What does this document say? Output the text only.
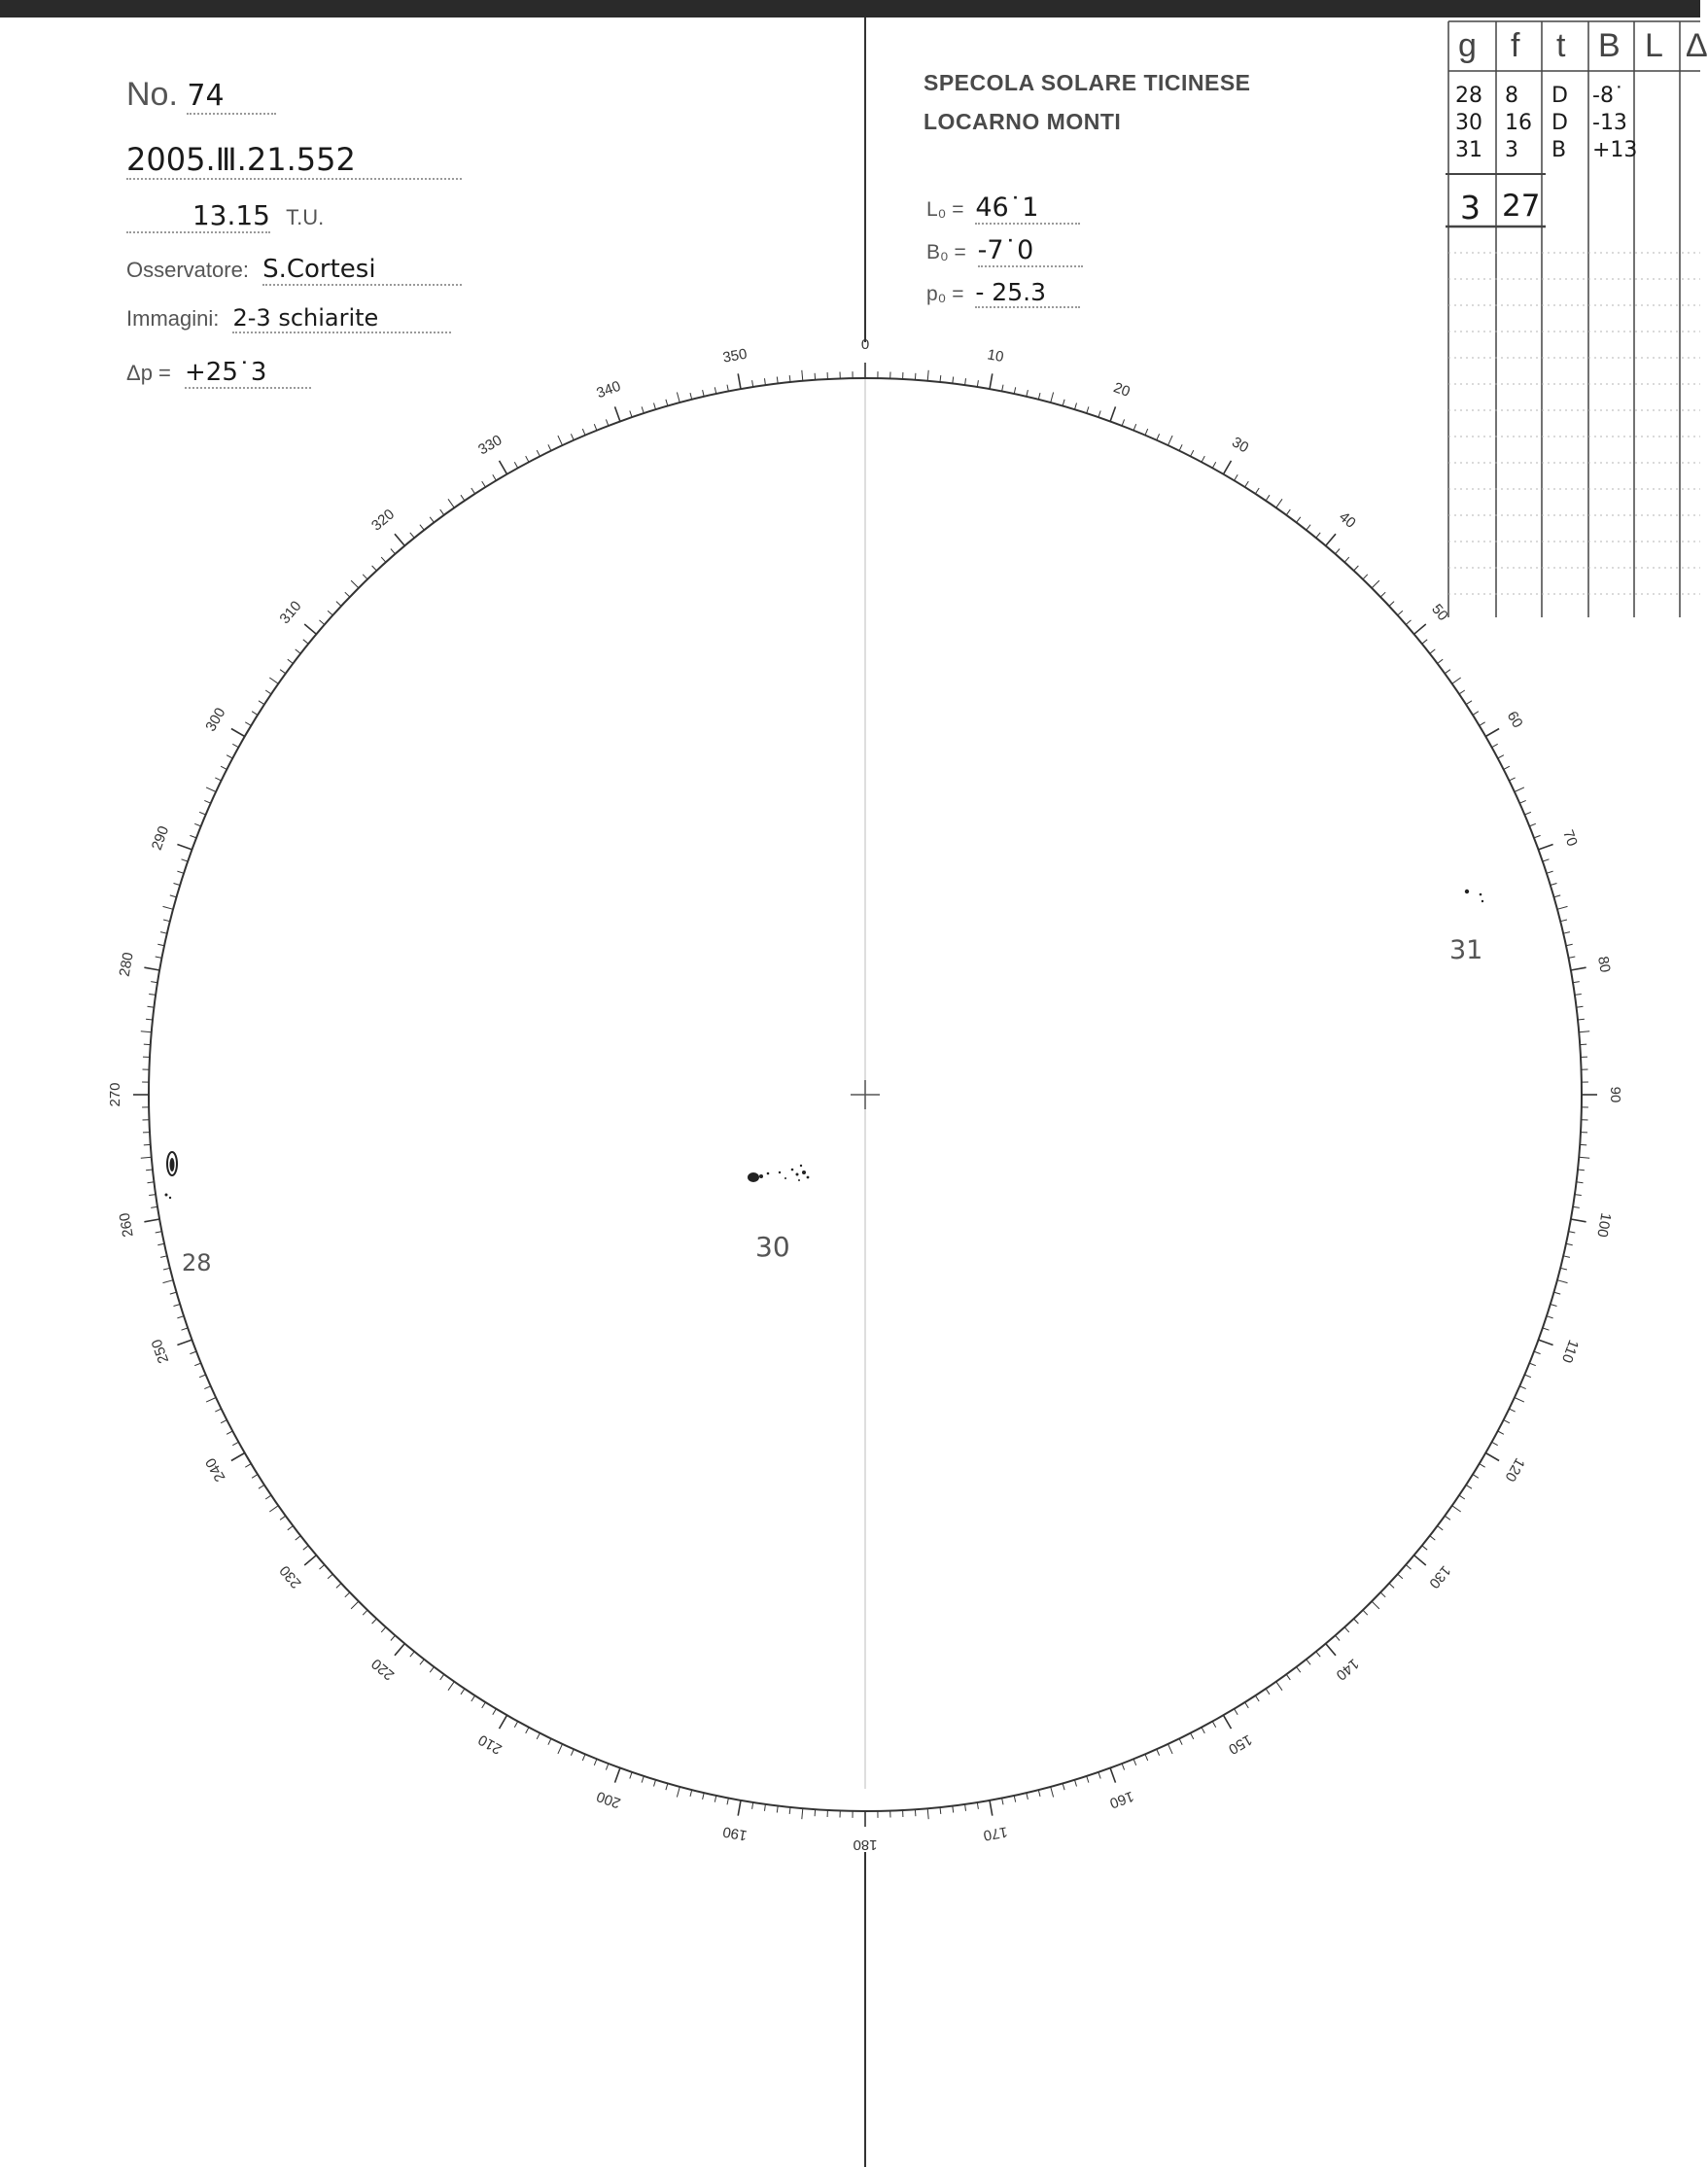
No. 74
2005.Ⅲ.21.552
13.15 T.U.
Osservatore: S.Cortesi
Immagini: 2-3 schiarite
Δp = +25˙3
SPECOLA SOLARE TICINESE
LOCARNO MONTI
L₀ = 46˙1
B₀ = -7˙0
p₀ = - 25.3
0
10
20
30
40
50
60
70
80
90
100
110
120
130
140
150
160
170
180
190
200
210
220
230
240
250
260
270
280
290
300
310
320
330
340
350
g f t B L Δ
28 8 D -8˙
30 16 D -13
31 3 B +13
3 27
28	30
31
